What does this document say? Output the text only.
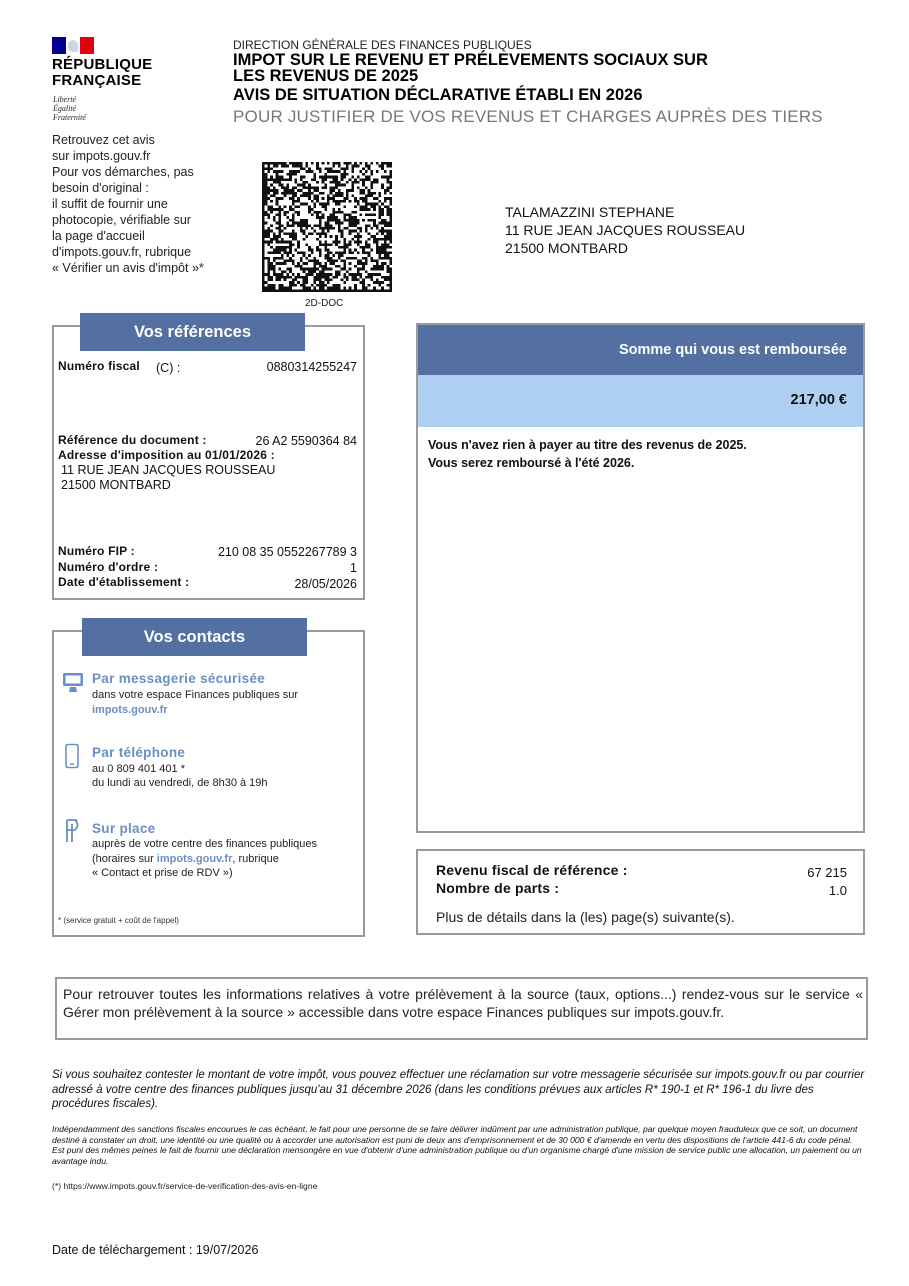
RÉPUBLIQUE
FRANÇAISE
Liberté
Égalité
Fraternité
DIRECTION GÉNÉRALE DES FINANCES PUBLIQUES
IMPOT SUR LE REVENU ET PRÉLEVEMENTS SOCIAUX SUR
LES REVENUS DE 2025
AVIS DE SITUATION DÉCLARATIVE ÉTABLI EN 2026
POUR JUSTIFIER DE VOS REVENUS ET CHARGES AUPRÈS DES TIERS
Retrouvez cet avis
sur impots.gouv.fr
Pour vos démarches, pas
besoin d'original :
il suffit de fournir une
photocopie, vérifiable sur
la page d'accueil
d'impots.gouv.fr, rubrique
« Vérifier un avis d'impôt »*
2D-DOC
TALAMAZZINI STEPHANE
11 RUE JEAN JACQUES ROUSSEAU
21500 MONTBARD
Vos références
Numéro fiscal (C) :	0880314255247
Référence du document :	26 A2 5590364 84
Adresse d'imposition au 01/01/2026 :
11 RUE JEAN JACQUES ROUSSEAU
21500 MONTBARD
Numéro FIP :	210 08 35 0552267789 3
Numéro d'ordre :	1
Date d'établissement :	28/05/2026
Vos contacts
Par messagerie sécurisée
dans votre espace Finances publiques sur
impots.gouv.fr
Par téléphone
au 0 809 401 401 *
du lundi au vendredi, de 8h30 à 19h
Sur place
auprès de votre centre des finances publiques
(horaires sur impots.gouv.fr, rubrique
« Contact et prise de RDV »)
* (service gratuit + coût de l'appel)
Somme qui vous est remboursée
217,00 €
Vous n'avez rien à payer au titre des revenus de 2025.
Vous serez remboursé à l'été 2026.
Revenu fiscal de référence :	67 215
Nombre de parts :	1.0
Plus de détails dans la (les) page(s) suivante(s).
Pour retrouver toutes les informations relatives à votre prélèvement à la source (taux, options...) rendez-vous sur le service « Gérer mon prélèvement à la source » accessible dans votre espace Finances publiques sur impots.gouv.fr.
Si vous souhaitez contester le montant de votre impôt, vous pouvez effectuer une réclamation sur votre messagerie sécurisée sur impots.gouv.fr ou par courrier adressé à votre centre des finances publiques jusqu'au 31 décembre 2026 (dans les conditions prévues aux articles R* 190-1 et R* 196-1 du livre des procédures fiscales).
Indépendamment des sanctions fiscales encourues le cas échéant, le fait pour une personne de se faire délivrer indûment par une administration publique, par quelque moyen frauduleux que ce soit, un document destiné à constater un droit, une identité ou une qualité ou à accorder une autorisation est puni de deux ans d'emprisonnement et de 30 000 € d'amende en vertu des dispositions de l'article 441-6 du code pénal.
Est puni des mêmes peines le fait de fournir une déclaration mensongère en vue d'obtenir d'une administration publique ou d'un organisme chargé d'une mission de service public une allocation, un paiement ou un avantage indu.
(*) https://www.impots.gouv.fr/service-de-verification-des-avis-en-ligne
Date de téléchargement : 19/07/2026
